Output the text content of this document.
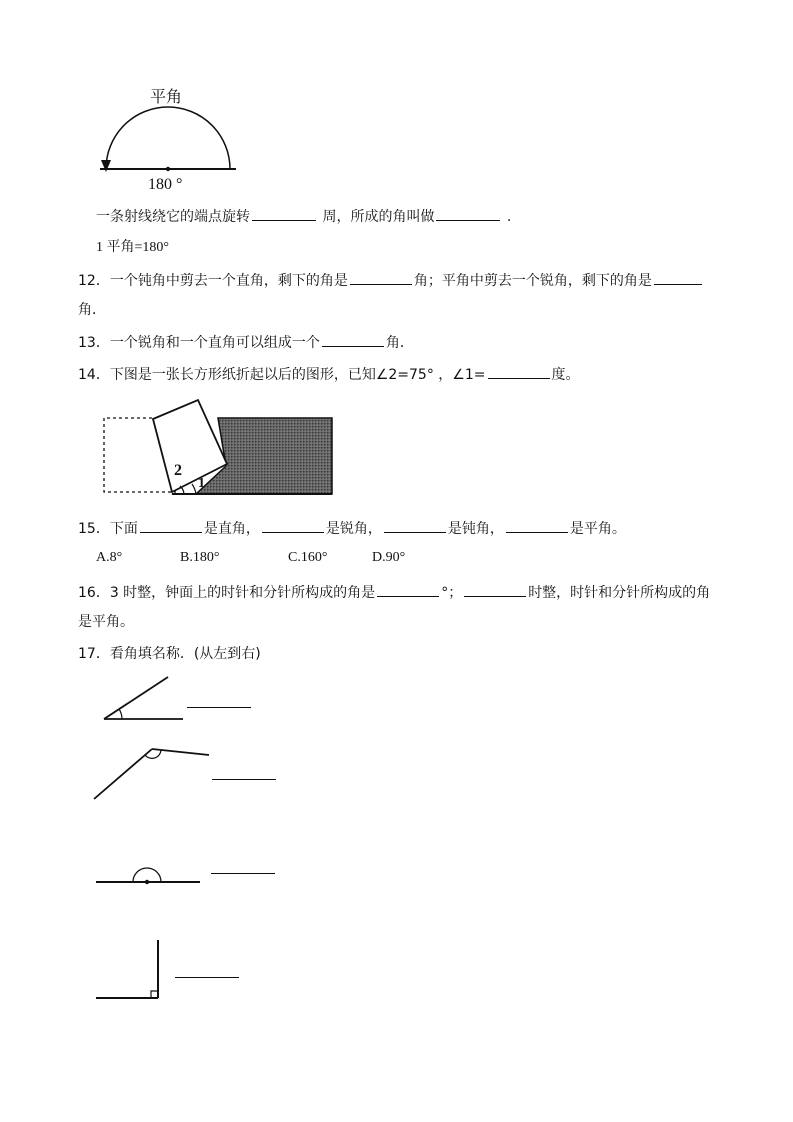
平角
180 °
一条射线绕它的端点旋转	周，所成的角叫做	.
1 平角=180°
12．一个钝角中剪去一个直角，剩下的角是	角；平角中剪去一个锐角，剩下的角是
角．
13．一个锐角和一个直角可以组成一个	角．
14．下图是一张长方形纸折起以后的图形，已知∠2=75° ，∠1=	度。
2
1
15．下面	是直角，	是锐角，	是钝角，	是平角。
A.8°	B.180°	C.160°	D.90°
16．3 时整，钟面上的时针和分针所构成的角是	°；	时整，时针和分针所构成的角
是平角。
17．看角填名称．(从左到右)
